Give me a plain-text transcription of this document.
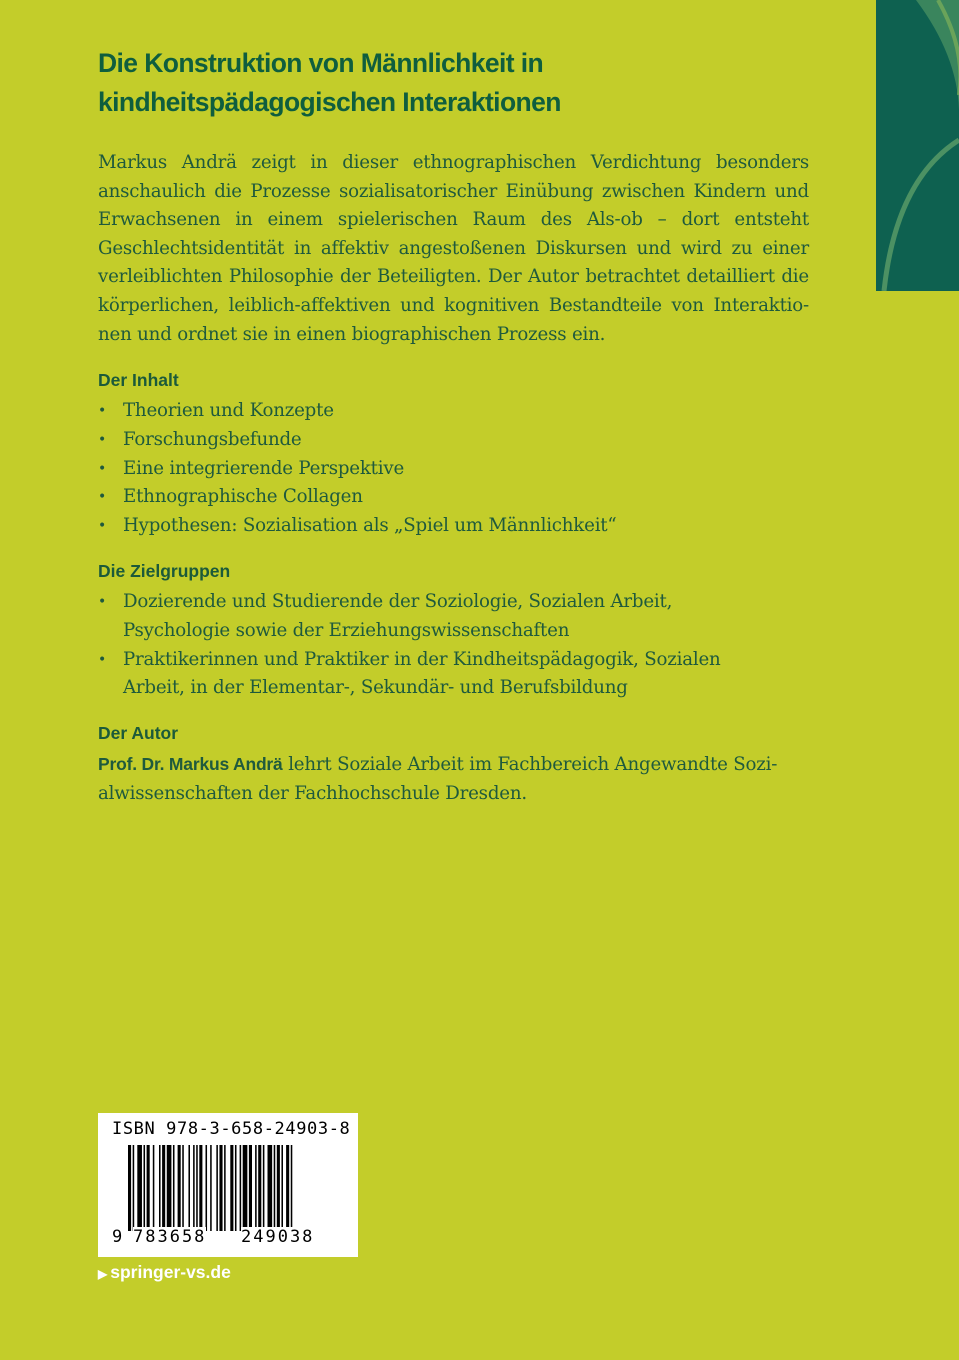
Die Konstruktion von Männlichkeit in kindheitspädagogischen Interaktionen

Markus Andrä zeigt in dieser ethnographischen Verdichtung besonders anschaulich die Prozesse sozialisatorischer Einübung zwischen Kindern und Erwachsenen in einem spielerischen Raum des Als-ob – dort entsteht Geschlechtsidentität in affektiv angestoßenen Diskursen und wird zu einer verleiblichten Philosophie der Beteiligten. Der Autor betrachtet detailliert die körperlichen, leiblich-affektiven und kognitiven Bestandteile von Interaktio-nen und ordnet sie in einen biographischen Prozess ein.

Der Inhalt
• Theorien und Konzepte
• Forschungsbefunde
• Eine integrierende Perspektive
• Ethnographische Collagen
• Hypothesen: Sozialisation als „Spiel um Männlichkeit“
Die Zielgruppen
• Dozierende und Studierende der Soziologie, Sozialen Arbeit, Psychologie sowie der Erziehungswissenschaften
• Praktikerinnen und Praktiker in der Kindheitspädagogik, Sozialen Arbeit, in der Elementar-, Sekundär- und Berufsbildung
Der Autor

Prof. Dr. Markus Andrä lehrt Soziale Arbeit im Fachbereich Angewandte Sozi-alwissenschaften der Fachhochschule Dresden.

ISBN 978-3-658-24903-8
9 783658 249038
▶ springer-vs.de
